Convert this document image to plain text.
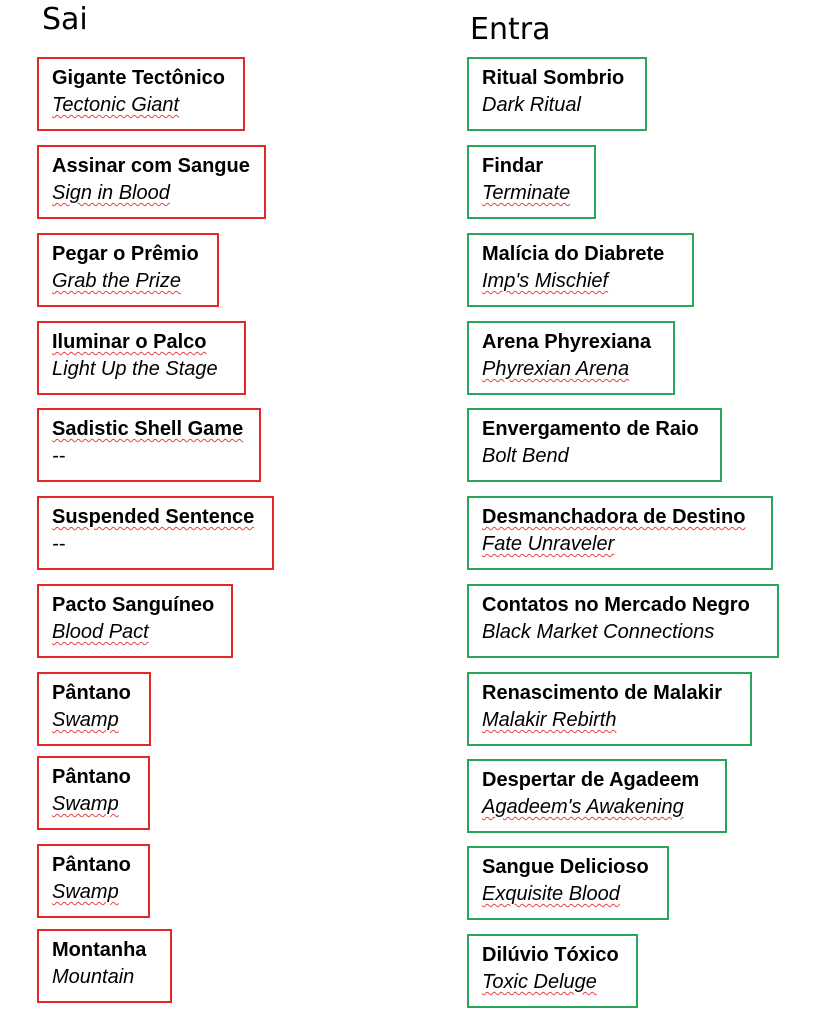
Sai
Gigante Tectônico
Tectonic Giant
Assinar com Sangue
Sign in Blood
Pegar o Prêmio
Grab the Prize
Iluminar o Palco
Light Up the Stage
Sadistic Shell Game
--
Suspended Sentence
--
Pacto Sanguíneo
Blood Pact
Pântano
Swamp
Pântano
Swamp
Pântano
Swamp
Montanha
Mountain
Entra
Ritual Sombrio
Dark Ritual
Findar
Terminate
Malícia do Diabrete
Imp's Mischief
Arena Phyrexiana
Phyrexian Arena
Envergamento de Raio
Bolt Bend
Desmanchadora de Destino
Fate Unraveler
Contatos no Mercado Negro
Black Market Connections
Renascimento de Malakir
Malakir Rebirth
Despertar de Agadeem
Agadeem's Awakening
Sangue Delicioso
Exquisite Blood
Dilúvio Tóxico
Toxic Deluge
